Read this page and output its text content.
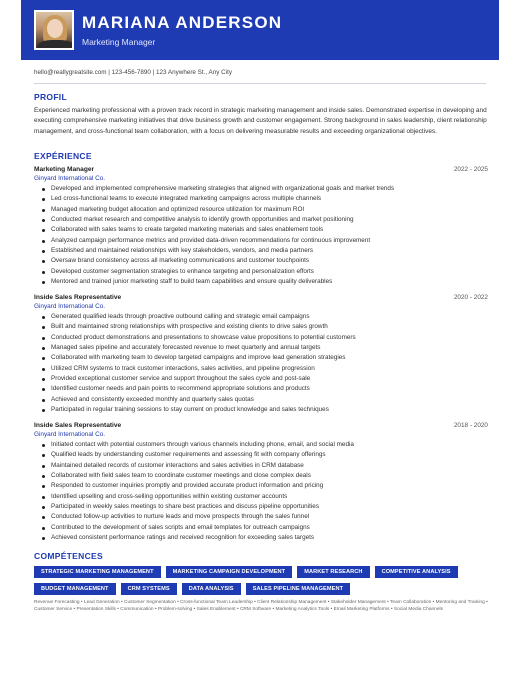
MARIANA ANDERSON
Marketing Manager
hello@reallygreatsite.com | 123-456-7890 | 123 Anywhere St., Any City
PROFIL
Experienced marketing professional with a proven track record in strategic marketing management and inside sales. Demonstrated expertise in developing and executing comprehensive marketing initiatives that drive business growth and customer engagement. Strong background in sales leadership, client relationship management, and cross-functional team collaboration, with a focus on delivering measurable results and exceeding organizational objectives.
EXPÉRIENCE
Marketing Manager	2022 - 2025
Ginyard International Co.
Developed and implemented comprehensive marketing strategies that aligned with organizational goals and market trends
Led cross-functional teams to execute integrated marketing campaigns across multiple channels
Managed marketing budget allocation and optimized resource utilization for maximum ROI
Conducted market research and competitive analysis to identify growth opportunities and market positioning
Collaborated with sales teams to create targeted marketing materials and sales enablement tools
Analyzed campaign performance metrics and provided data-driven recommendations for continuous improvement
Established and maintained relationships with key stakeholders, vendors, and media partners
Oversaw brand consistency across all marketing communications and customer touchpoints
Developed customer segmentation strategies to enhance targeting and personalization efforts
Mentored and trained junior marketing staff to build team capabilities and ensure quality deliverables
Inside Sales Representative	2020 - 2022
Ginyard International Co.
Generated qualified leads through proactive outbound calling and strategic email campaigns
Built and maintained strong relationships with prospective and existing clients to drive sales growth
Conducted product demonstrations and presentations to showcase value propositions to potential customers
Managed sales pipeline and accurately forecasted revenue to meet quarterly and annual targets
Collaborated with marketing team to develop targeted campaigns and improve lead generation strategies
Utilized CRM systems to track customer interactions, sales activities, and pipeline progression
Provided exceptional customer service and support throughout the sales cycle and post-sale
Identified customer needs and pain points to recommend appropriate solutions and products
Achieved and consistently exceeded monthly and quarterly sales quotas
Participated in regular training sessions to stay current on product knowledge and sales techniques
Inside Sales Representative	2018 - 2020
Ginyard International Co.
Initiated contact with potential customers through various channels including phone, email, and social media
Qualified leads by understanding customer requirements and assessing fit with company offerings
Maintained detailed records of customer interactions and sales activities in CRM database
Collaborated with field sales team to coordinate customer meetings and close complex deals
Responded to customer inquiries promptly and provided accurate product information and pricing
Identified upselling and cross-selling opportunities within existing customer accounts
Participated in weekly sales meetings to share best practices and discuss pipeline opportunities
Conducted follow-up activities to nurture leads and move prospects through the sales funnel
Contributed to the development of sales scripts and email templates for outreach campaigns
Achieved consistent performance ratings and received recognition for exceeding sales targets
COMPÉTENCES
STRATEGIC MARKETING MANAGEMENT	MARKETING CAMPAIGN DEVELOPMENT	MARKET RESEARCH	COMPETITIVE ANALYSIS
BUDGET MANAGEMENT	CRM SYSTEMS	DATA ANALYSIS	SALES PIPELINE MANAGEMENT
Revenue Forecasting • Lead Generation • Customer Segmentation • Cross-functional Team Leadership • Client Relationship Management • Stakeholder Management • Team Collaboration • Mentoring and Training • Customer Service • Presentation Skills • Communication • Problem-solving • Sales Enablement • CRM Software • Marketing Analytics Tools • Email Marketing Platforms • Social Media Channels
